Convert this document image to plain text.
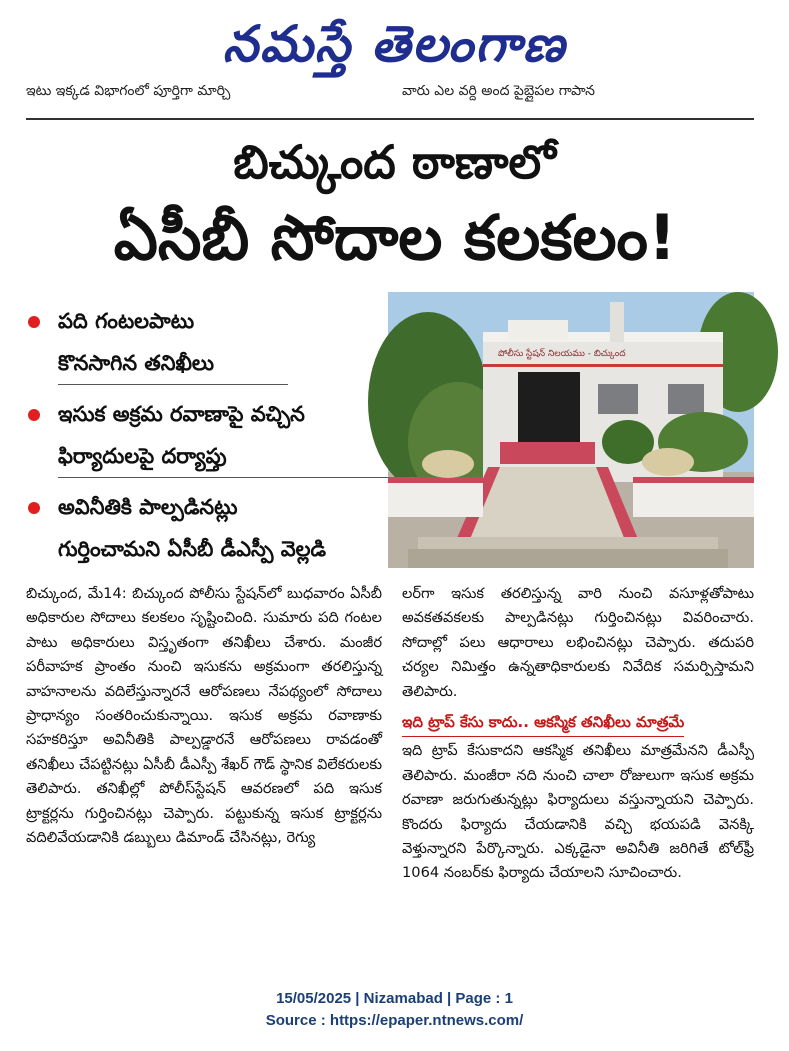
నమస్తే తెలంగాణ
ఇటు ఇక్కడ విభాగంలో పూర్తిగా మార్చి	వారు ఎల వర్ది అంద పైబ్లైపల గాపాన
బిచ్కుంద ఠాణాలో
ఏసీబీ సోదాల కలకలం!
పది గంటలపాటు
కొనసాగిన తనిఖీలు
ఇసుక అక్రమ రవాణాపై వచ్చిన
ఫిర్యాదులపై దర్యాప్తు
అవినీతికి పాల్పడినట్లు
గుర్తించామని ఏసీబీ డీఎస్పీ వెల్లడి
పోలీసు స్టేషన్ నిలయము - బిచ్కుంద

బిచ్కుంద, మే14: బిచ్కుంద పోలీసు స్టేషన్‌లో బుధవారం ఏసీబీ అధికారుల సోదాలు కలకలం సృష్టించింది. సుమారు పది గంటల పాటు అధికారులు విస్తృతంగా తనిఖీలు చేశారు. మంజీర పరీవాహక ప్రాంతం నుంచి ఇసుకను అక్రమంగా తరలిస్తున్న వాహనాలను వదిలేస్తున్నారనే ఆరోపణలు నేపథ్యంలో సోదాలు ప్రాధాన్యం సంతరించుకున్నాయి. ఇసుక అక్రమ రవాణాకు సహకరిస్తూ అవినీతికి పాల్పడ్డారనే ఆరోపణలు రావడంతో తనిఖీలు చేపట్టినట్లు ఏసీబీ డీఎస్పీ శేఖర్ గౌడ్ స్థానిక విలేకరులకు తెలిపారు. తనిఖీల్లో పోలీస్‌స్టేషన్ ఆవరణలో పది ఇసుక ట్రాక్టర్లను గుర్తించినట్లు చెప్పారు. పట్టుకున్న ఇసుక ట్రాక్టర్లను వదిలివేయడానికి డబ్బులు డిమాండ్ చేసినట్లు, రెగ్యు

లర్‌గా ఇసుక తరలిస్తున్న వారి నుంచి వసూళ్లతోపాటు అవకతవకలకు పాల్పడినట్లు గుర్తించినట్లు వివరించారు. సోదాల్లో పలు ఆధారాలు లభించినట్లు చెప్పారు. తదుపరి చర్యల నిమిత్తం ఉన్నతాధికారులకు నివేదిక సమర్పిస్తామని తెలిపారు.

ఇది ట్రాప్ కేసు కాదు.. ఆకస్మిక తనిఖీలు మాత్రమే

ఇది ట్రాప్ కేసుకాదని ఆకస్మిక తనిఖీలు మాత్రమేనని డీఎస్పీ తెలిపారు. మంజీరా నది నుంచి చాలా రోజులుగా ఇసుక అక్రమ రవాణా జరుగుతున్నట్లు ఫిర్యాదులు వస్తున్నాయని చెప్పారు. కొందరు ఫిర్యాదు చేయడానికి వచ్చి భయపడి వెనక్కి వెళ్తున్నారని పేర్కొన్నారు. ఎక్కడైనా అవినీతి జరిగితే టోల్‌ఫ్రీ 1064 నంబర్‌కు ఫిర్యాదు చేయాలని సూచించారు.

15/05/2025 | Nizamabad | Page : 1
Source : https://epaper.ntnews.com/
